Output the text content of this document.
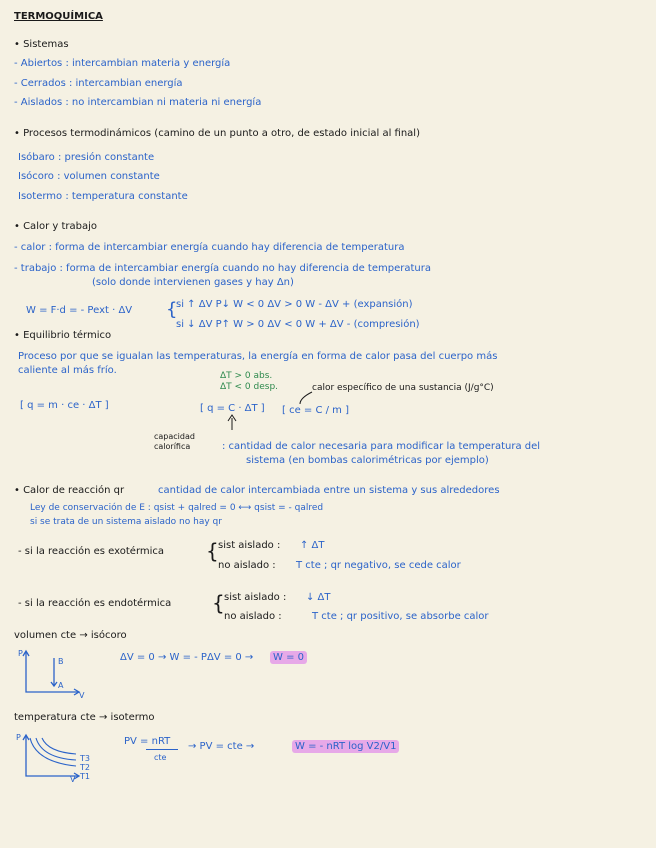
TERMOQUÍMICA
• Sistemas
- Abiertos : intercambian materia y energía
- Cerrados : intercambian energía
- Aislados : no intercambian ni materia ni energía
• Procesos termodinámicos (camino de un punto a otro, de estado inicial al final)
Isóbaro : presión constante
Isócoro : volumen constante
Isotermo : temperatura constante
• Calor y trabajo
- calor : forma de intercambiar energía cuando hay diferencia de temperatura
- trabajo : forma de intercambiar energía cuando no hay diferencia de temperatura
(solo donde intervienen gases y hay Δn)
W = F·d = - Pext · ΔV {
si ↑ ΔV P↓ W < 0 ΔV > 0 W - ΔV + (expansión)
si ↓ ΔV P↑ W > 0 ΔV < 0 W + ΔV - (compresión)
• Equilibrio térmico
Proceso por que se igualan las temperaturas, la energía en forma de calor pasa del cuerpo más
caliente al más frío.	ΔT > 0 abs.
ΔT < 0 desp.
[ q = m · ce · ΔT ]	[ q = C · ΔT ] [ ce = C / m ]
calor específico de una sustancia (J/g°C)
capacidad
calorífica	: cantidad de calor necesaria para modificar la temperatura del
sistema (en bombas calorimétricas por ejemplo)
• Calor de reacción qr	cantidad de calor intercambiada entre un sistema y sus alrededores
Ley de conservación de E : qsist + qalred = 0 ⟷ qsist = - qalred
si se trata de un sistema aislado no hay qr
- si la reacción es exotérmica { sist aislado : ↑ ΔT
no aislado : T cte ; qr negativo, se cede calor
- si la reacción es endotérmica { sist aislado : ↓ ΔT
no aislado :	T cte ; qr positivo, se absorbe calor
volumen cte → isócoro
P
V
B
A
ΔV = 0 → W = - PΔV = 0 →	W = 0
temperatura cte → isotermo
P
V
T3
T2
T1
PV = nRT
cte
→ PV = cte →	W = - nRT log V2/V1
